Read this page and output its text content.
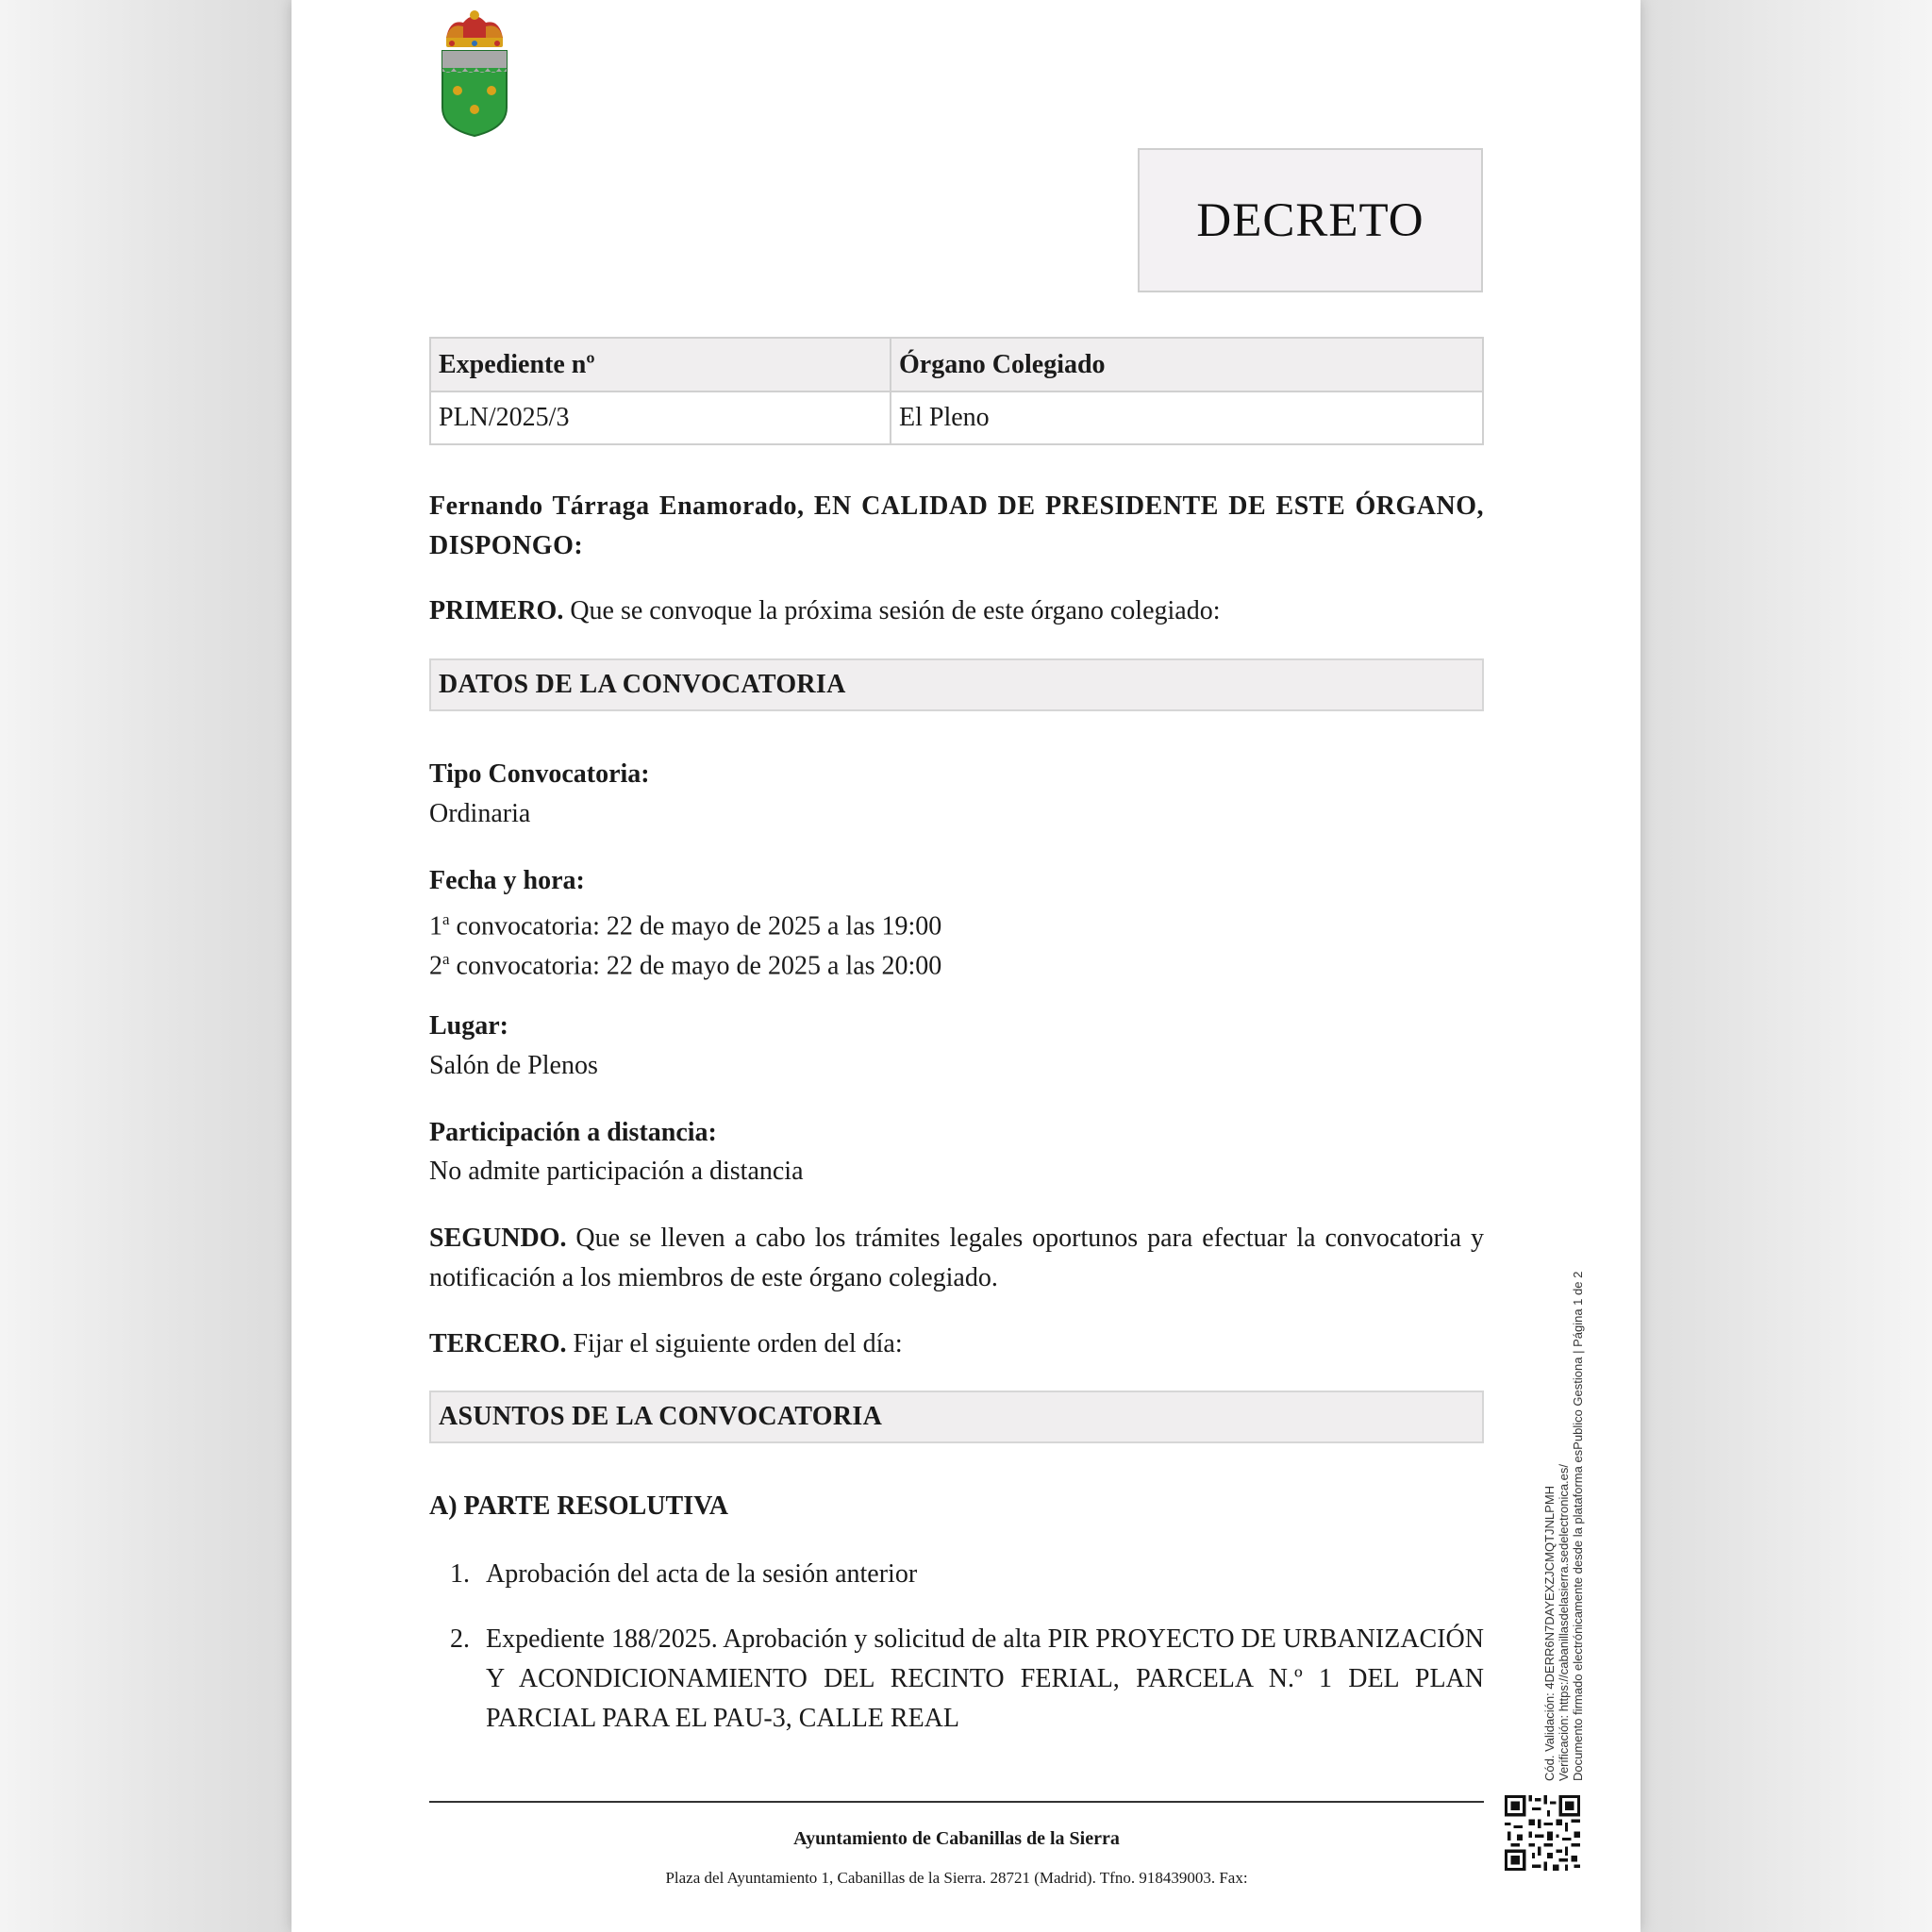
DECRETO
Expediente nº	Órgano Colegiado
PLN/2025/3	El Pleno
Fernando Tárraga Enamorado, EN CALIDAD DE PRESIDENTE DE ESTE ÓRGANO, DISPONGO:
PRIMERO. Que se convoque la próxima sesión de este órgano colegiado:
DATOS DE LA CONVOCATORIA
Tipo Convocatoria:
Ordinaria
Fecha y hora:
1$^a$ convocatoria: 22 de mayo de 2025 a las 19:00
2$^a$ convocatoria: 22 de mayo de 2025 a las 20:00
Lugar:
Salón de Plenos
Participación a distancia:
No admite participación a distancia
SEGUNDO. Que se lleven a cabo los trámites legales oportunos para efectuar la convocatoria y notificación a los miembros de este órgano colegiado.
TERCERO. Fijar el siguiente orden del día:
ASUNTOS DE LA CONVOCATORIA
A) PARTE RESOLUTIVA
1. Aprobación del acta de la sesión anterior
2. Expediente 188/2025. Aprobación y solicitud de alta PIR PROYECTO DE URBANIZACIÓN Y ACONDICIONAMIENTO DEL RECINTO FERIAL, PARCELA N.º 1 DEL PLAN PARCIAL PARA EL PAU-3, CALLE REAL
Ayuntamiento de Cabanillas de la Sierra
Plaza del Ayuntamiento 1, Cabanillas de la Sierra. 28721 (Madrid). Tfno. 918439003. Fax:
Cód. Validación: 4DERR6N7DAYEXZJCMQTJNLPMH Verificación: https://cabanillasdelasierra.sedelectronica.es/ Documento firmado electrónicamente desde la plataforma esPublico Gestiona | Página 1 de 2
